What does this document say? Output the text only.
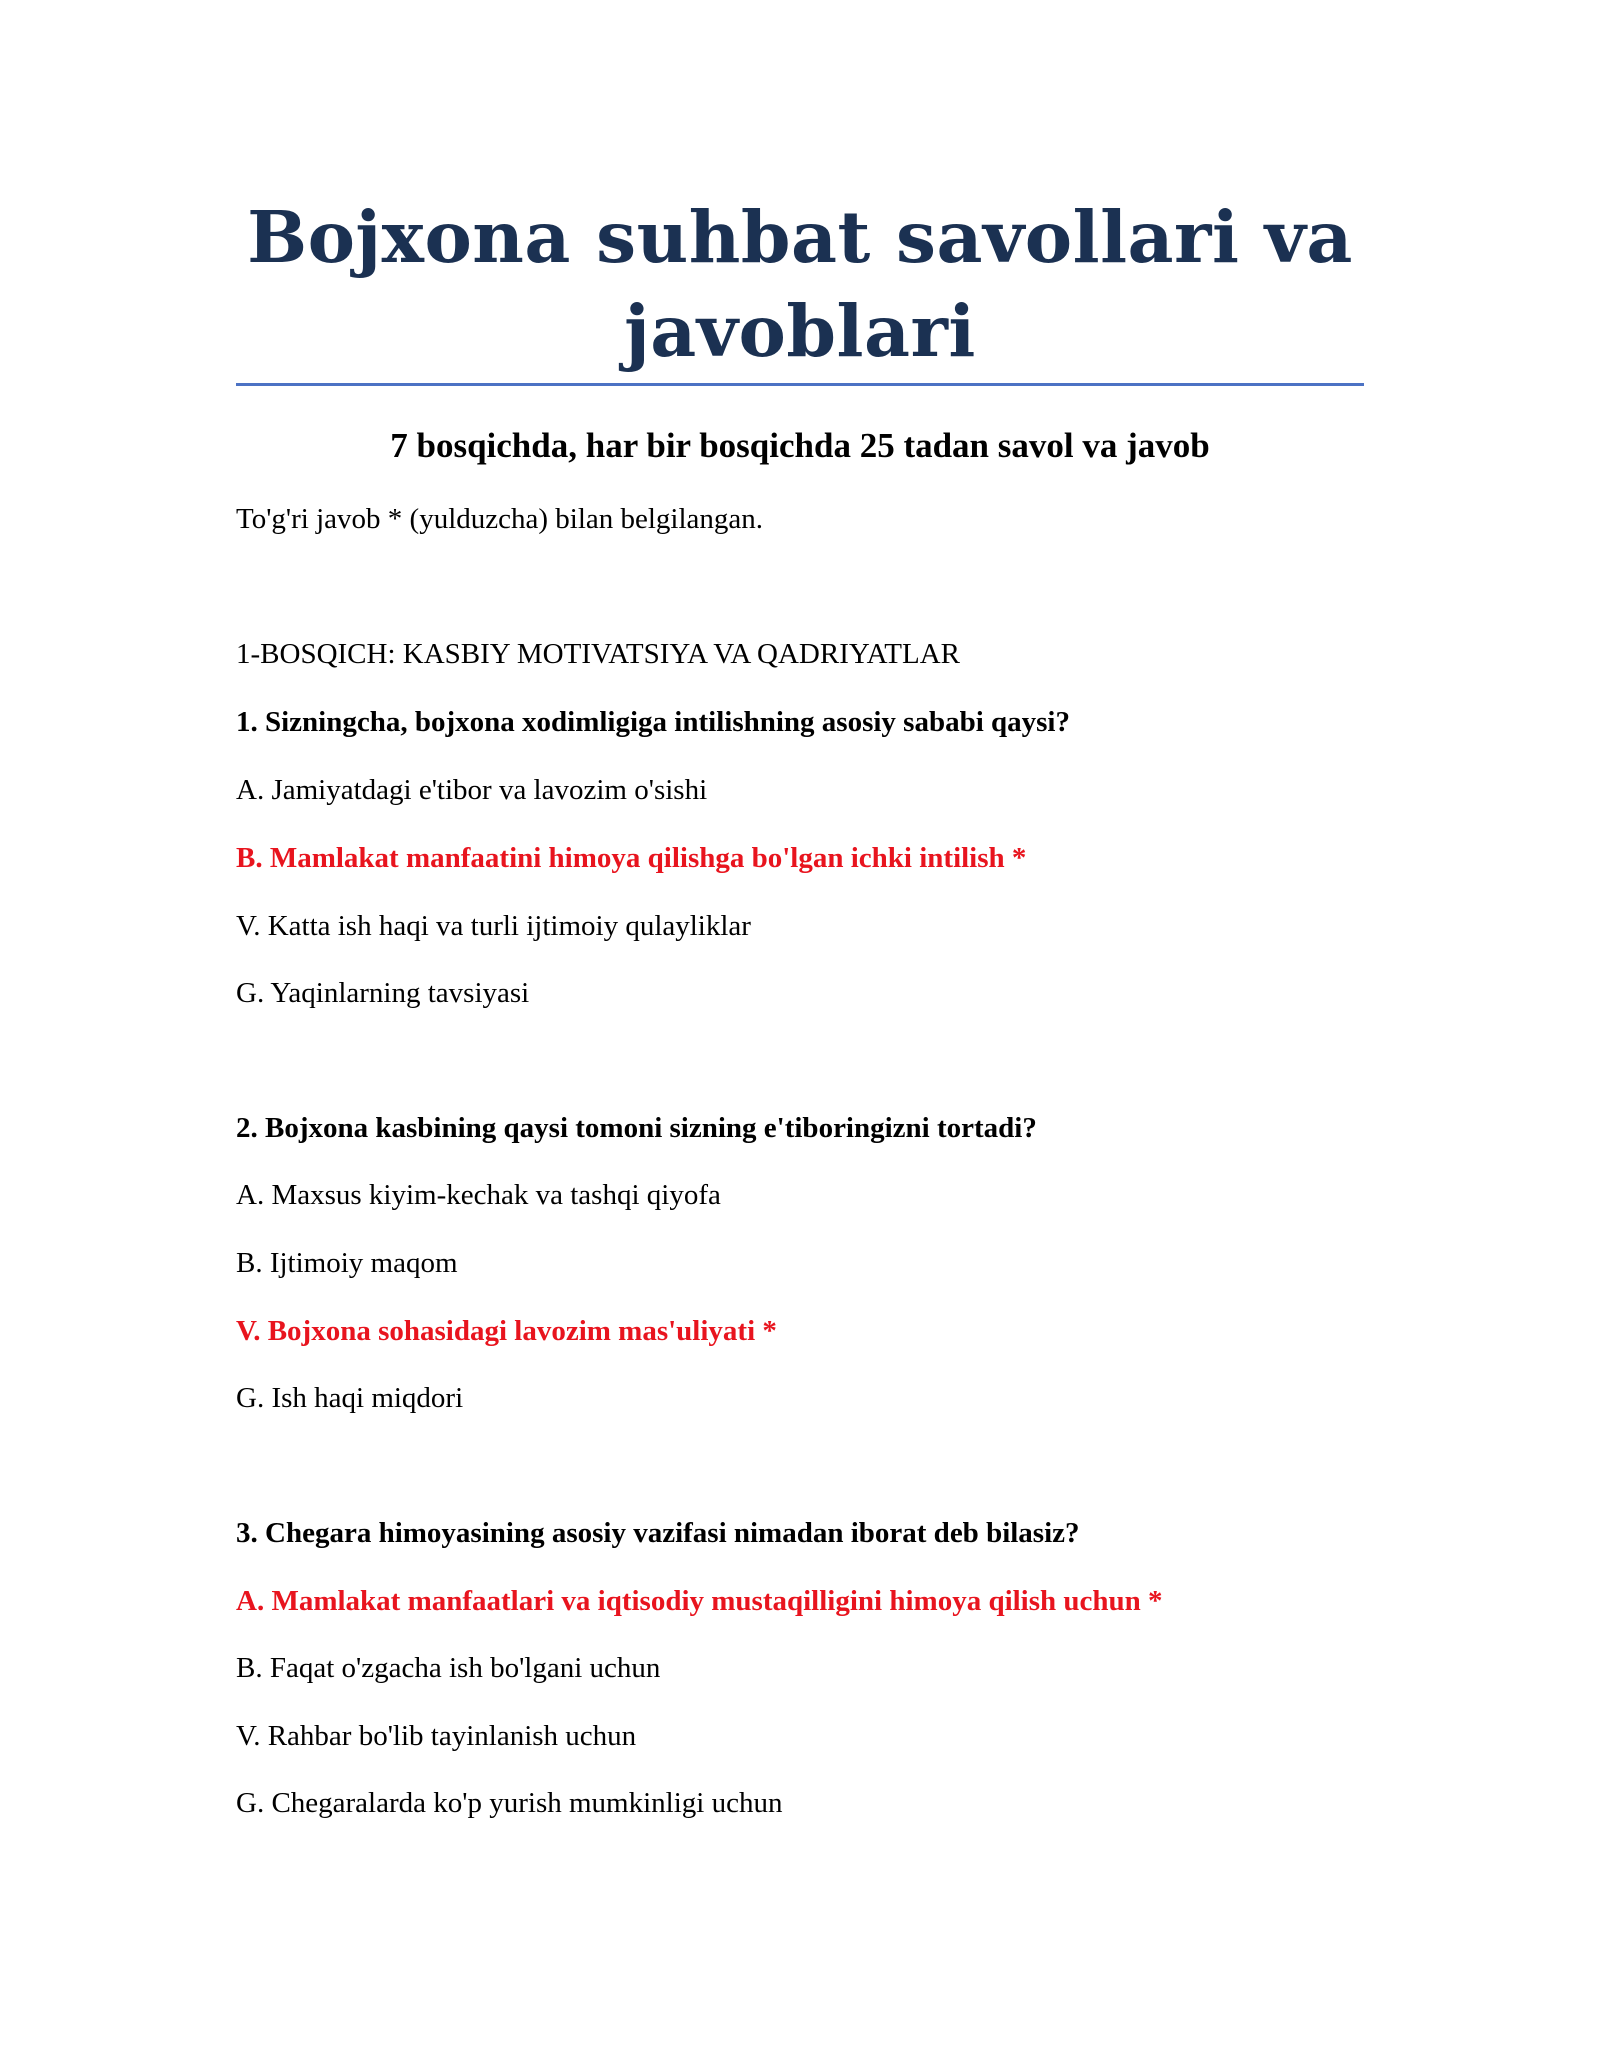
Bojxona suhbat savollari va javoblari
7 bosqichda, har bir bosqichda 25 tadan savol va javob

To'g'ri javob * (yulduzcha) bilan belgilangan.

1-BOSQICH: KASBIY MOTIVATSIYA VA QADRIYATLAR

1. Sizningcha, bojxona xodimligiga intilishning asosiy sababi qaysi?

A. Jamiyatdagi e'tibor va lavozim o'sishi

B. Mamlakat manfaatini himoya qilishga bo'lgan ichki intilish *

V. Katta ish haqi va turli ijtimoiy qulayliklar

G. Yaqinlarning tavsiyasi

2. Bojxona kasbining qaysi tomoni sizning e'tiboringizni tortadi?

A. Maxsus kiyim-kechak va tashqi qiyofa

B. Ijtimoiy maqom

V. Bojxona sohasidagi lavozim mas'uliyati *

G. Ish haqi miqdori

3. Chegara himoyasining asosiy vazifasi nimadan iborat deb bilasiz?

A. Mamlakat manfaatlari va iqtisodiy mustaqilligini himoya qilish uchun *

B. Faqat o'zgacha ish bo'lgani uchun

V. Rahbar bo'lib tayinlanish uchun

G. Chegaralarda ko'p yurish mumkinligi uchun
